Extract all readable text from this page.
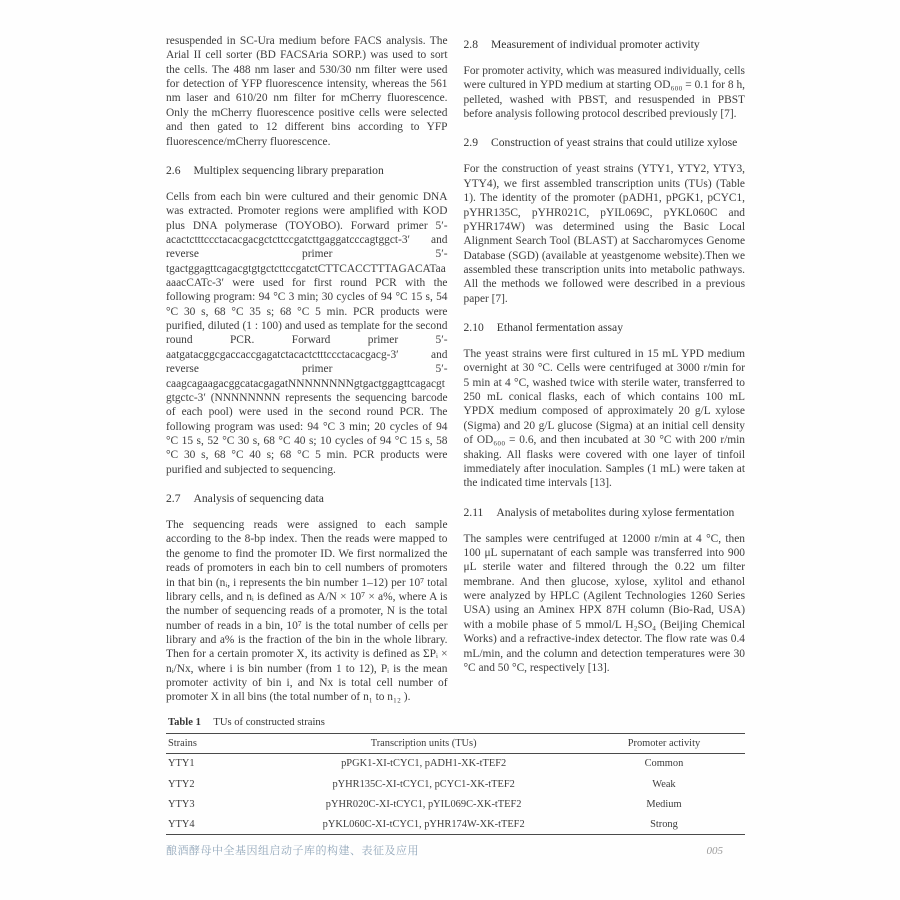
resuspended in SC-Ura medium before FACS analysis. The Arial II cell sorter (BD FACSAria SORP.) was used to sort the cells. The 488 nm laser and 530/30 nm filter were used for detection of YFP fluorescence intensity, whereas the 561 nm laser and 610/20 nm filter for mCherry fluorescence. Only the mCherry fluorescence positive cells were selected and then gated to 12 different bins according to YFP fluorescence/mCherry fluorescence.

2.6 Multiplex sequencing library preparation

Cells from each bin were cultured and their genomic DNA was extracted. Promoter regions were amplified with KOD plus DNA polymerase (TOYOBO). Forward primer 5′-acactctttccctacacgacgctcttccgatcttgaggatcccagtggct-3′ and reverse primer 5′-tgactggagttcagacgtgtgctcttccgatctCTTCACCTTTAGACATaaaaacCATc-3′ were used for first round PCR with the following program: 94 °C 3 min; 30 cycles of 94 °C 15 s, 54 °C 30 s, 68 °C 35 s; 68 °C 5 min. PCR products were purified, diluted (1 : 100) and used as template for the second round PCR. Forward primer 5′-aatgatacggcgaccaccgagatctacactctttccctacacgacg-3′ and reverse primer 5′-caagcagaagacggcatacgagatNNNNNNNNgtgactggagttcagacgtgtgctc-3′ (NNNNNNNN represents the sequencing barcode of each pool) were used in the second round PCR. The following program was used: 94 °C 3 min; 20 cycles of 94 °C 15 s, 52 °C 30 s, 68 °C 40 s; 10 cycles of 94 °C 15 s, 58 °C 30 s, 68 °C 40 s; 68 °C 5 min. PCR products were purified and subjected to sequencing.

2.7 Analysis of sequencing data

The sequencing reads were assigned to each sample according to the 8-bp index. Then the reads were mapped to the genome to find the promoter ID. We first normalized the reads of promoters in each bin to cell numbers of promoters in that bin (nᵢ, i represents the bin number 1–12) per 10⁷ total library cells, and nᵢ is defined as A/N × 10⁷ × a%, where A is the number of sequencing reads of a promoter, N is the total number of reads in a bin, 10⁷ is the total number of cells per library and a% is the fraction of the bin in the whole library. Then for a certain promoter X, its activity is defined as ΣPᵢ × nᵢ/Nx, where i is bin number (from 1 to 12), Pᵢ is the mean promoter activity of bin i, and Nx is total cell number of promoter X in all bins (the total number of n₁ to n₁₂ ).

2.8 Measurement of individual promoter activity

For promoter activity, which was measured individually, cells were cultured in YPD medium at starting OD₆₀₀ = 0.1 for 8 h, pelleted, washed with PBST, and resuspended in PBST before analysis following protocol described previously [7].

2.9 Construction of yeast strains that could utilize xylose

For the construction of yeast strains (YTY1, YTY2, YTY3, YTY4), we first assembled transcription units (TUs) (Table 1). The identity of the promoter (pADH1, pPGK1, pCYC1, pYHR135C, pYHR021C, pYIL069C, pYKL060C and pYHR174W) was determined using the Basic Local Alignment Search Tool (BLAST) at Saccharomyces Genome Database (SGD) (available at yeastgenome website).Then we assembled these transcription units into metabolic pathways. All the methods we followed were described in a previous paper [7].

2.10 Ethanol fermentation assay

The yeast strains were first cultured in 15 mL YPD medium overnight at 30 °C. Cells were centrifuged at 3000 r/min for 5 min at 4 °C, washed twice with sterile water, transferred to 250 mL conical flasks, each of which contains 100 mL YPDX medium composed of approximately 20 g/L xylose (Sigma) and 20 g/L glucose (Sigma) at an initial cell density of OD₆₀₀ = 0.6, and then incubated at 30 °C with 200 r/min shaking. All flasks were covered with one layer of tinfoil immediately after inoculation. Samples (1 mL) were taken at the indicated time intervals [13].

2.11 Analysis of metabolites during xylose fermentation

The samples were centrifuged at 12000 r/min at 4 °C, then 100 μL supernatant of each sample was transferred into 900 μL sterile water and filtered through the 0.22 um filter membrane. And then glucose, xylose, xylitol and ethanol were analyzed by HPLC (Agilent Technologies 1260 Series USA) using an Aminex HPX 87H column (Bio-Rad, USA) with a mobile phase of 5 mmol/L H₂SO₄ (Beijing Chemical Works) and a refractive-index detector. The flow rate was 0.4 mL/min, and the column and detection temperatures were 30 °C and 50 °C, respectively [13].

Table 1 TUs of constructed strains
Strains	Transcription units (TUs)	Promoter activity
YTY1	pPGK1-XI-tCYC1, pADH1-XK-tTEF2	Common
YTY2	pYHR135C-XI-tCYC1, pCYC1-XK-tTEF2	Weak
YTY3	pYHR020C-XI-tCYC1, pYIL069C-XK-tTEF2	Medium
YTY4	pYKL060C-XI-tCYC1, pYHR174W-XK-tTEF2	Strong
酿酒酵母中全基因组启动子库的构建、表征及应用	005
